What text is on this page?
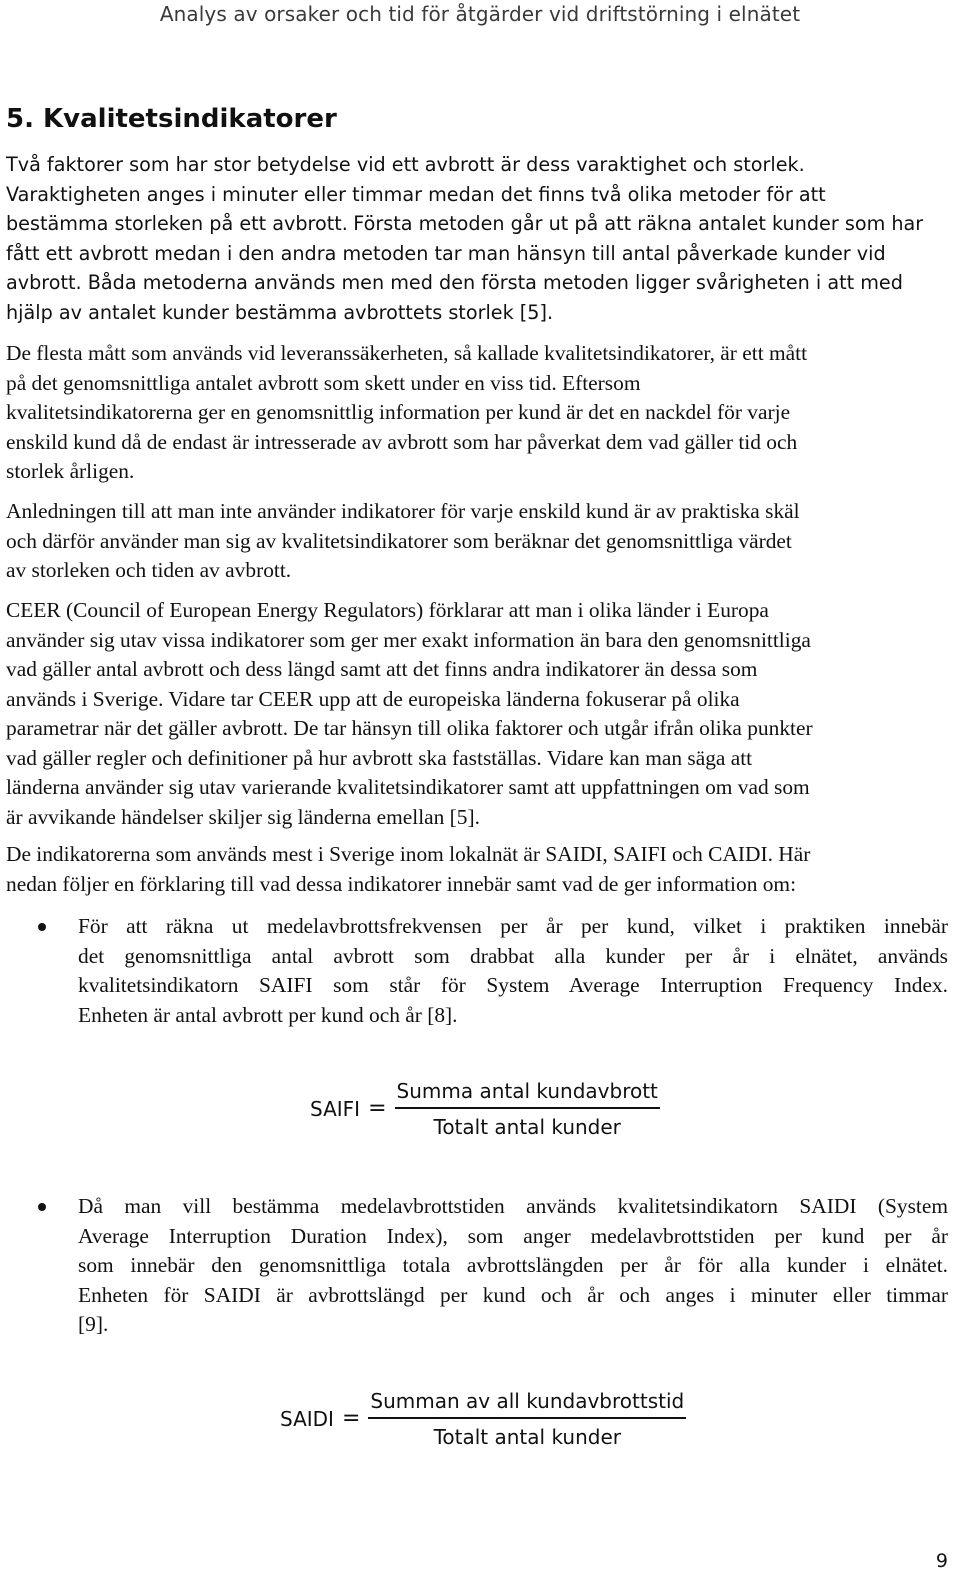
Analys av orsaker och tid för åtgärder vid driftstörning i elnätet
5. Kvalitetsindikatorer

Två faktorer som har stor betydelse vid ett avbrott är dess varaktighet och storlek.
Varaktigheten anges i minuter eller timmar medan det finns två olika metoder för att
bestämma storleken på ett avbrott. Första metoden går ut på att räkna antalet kunder som har
fått ett avbrott medan i den andra metoden tar man hänsyn till antal påverkade kunder vid
avbrott. Båda metoderna används men med den första metoden ligger svårigheten i att med
hjälp av antalet kunder bestämma avbrottets storlek [5].

De flesta mått som används vid leveranssäkerheten, så kallade kvalitetsindikatorer, är ett mått
på det genomsnittliga antalet avbrott som skett under en viss tid. Eftersom
kvalitetsindikatorerna ger en genomsnittlig information per kund är det en nackdel för varje
enskild kund då de endast är intresserade av avbrott som har påverkat dem vad gäller tid och
storlek årligen.

Anledningen till att man inte använder indikatorer för varje enskild kund är av praktiska skäl
och därför använder man sig av kvalitetsindikatorer som beräknar det genomsnittliga värdet
av storleken och tiden av avbrott.

CEER (Council of European Energy Regulators) förklarar att man i olika länder i Europa
använder sig utav vissa indikatorer som ger mer exakt information än bara den genomsnittliga
vad gäller antal avbrott och dess längd samt att det finns andra indikatorer än dessa som
används i Sverige. Vidare tar CEER upp att de europeiska länderna fokuserar på olika
parametrar när det gäller avbrott. De tar hänsyn till olika faktorer och utgår ifrån olika punkter
vad gäller regler och definitioner på hur avbrott ska fastställas. Vidare kan man säga att
länderna använder sig utav varierande kvalitetsindikatorer samt att uppfattningen om vad som
är avvikande händelser skiljer sig länderna emellan [5].

De indikatorerna som används mest i Sverige inom lokalnät är SAIDI, SAIFI och CAIDI. Här
nedan följer en förklaring till vad dessa indikatorer innebär samt vad de ger information om:

För att räkna ut medelavbrottsfrekvensen per år per kund, vilket i praktiken innebär
det genomsnittliga antal avbrott som drabbat alla kunder per år i elnätet, används
kvalitetsindikatorn SAIFI som står för System Average Interruption Frequency Index.
Enheten är antal avbrott per kund och år [8].

SAIFI = $\frac{\text{Summa antal kundavbrott}}{\text{Totalt antal kunder}}$

Då man vill bestämma medelavbrottstiden används kvalitetsindikatorn SAIDI (System
Average Interruption Duration Index), som anger medelavbrottstiden per kund per år
som innebär den genomsnittliga totala avbrottslängden per år för alla kunder i elnätet.
Enheten för SAIDI är avbrottslängd per kund och år och anges i minuter eller timmar
[9].

SAIDI = $\frac{\text{Summan av all kundavbrottstid}}{\text{Totalt antal kunder}}$
9
